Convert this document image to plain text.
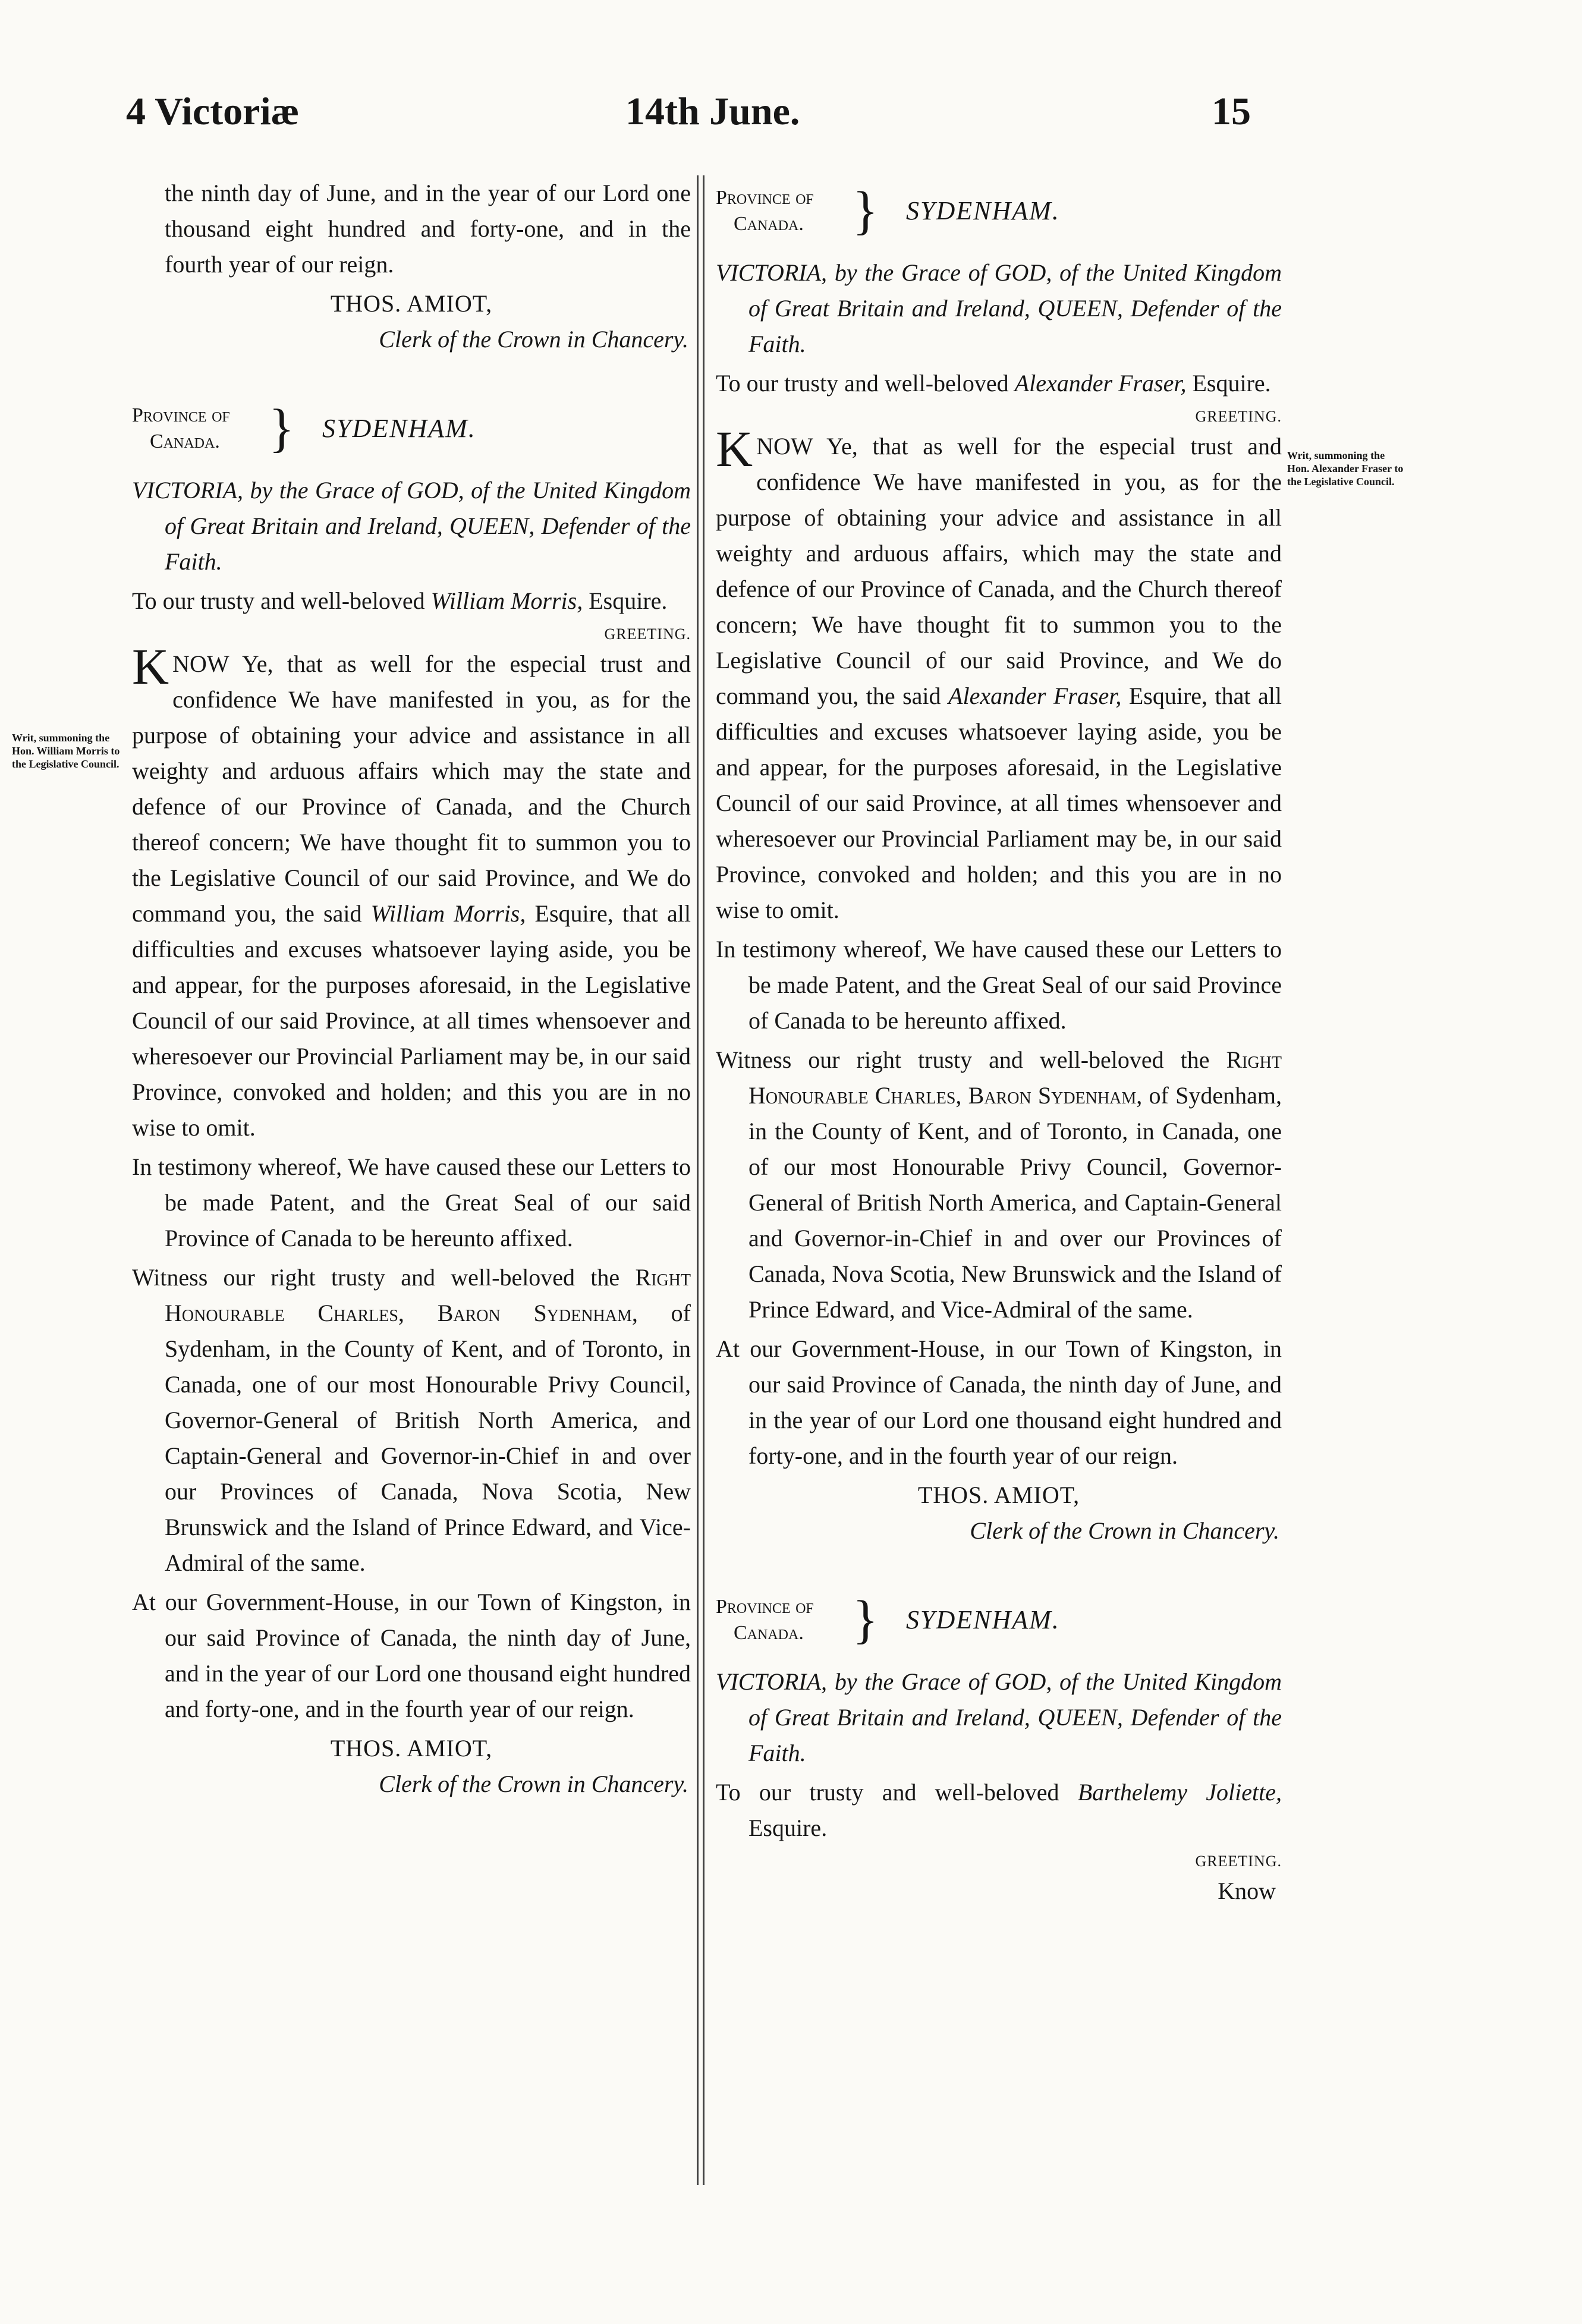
4 Victoriæ	14th June.	15
Writ, summoning the Hon. William Morris to the Legislative Council.
Writ, summoning the Hon. Alexander Fraser to the Legislative Council.
the ninth day of June, and in the year of our Lord one thousand eight hundred and forty-one, and in the fourth year of our reign.
THOS. AMIOT,
Clerk of the Crown in Chancery.
Province of
Canada. }	SYDENHAM.
VICTORIA, by the Grace of GOD, of the United Kingdom of Great Britain and Ireland, QUEEN, Defender of the Faith.
To our trusty and well-beloved William Morris, Esquire.
GREETING.
KNOW Ye, that as well for the especial trust and confidence We have manifested in you, as for the purpose of obtaining your advice and assistance in all weighty and arduous affairs which may the state and defence of our Province of Canada, and the Church thereof concern; We have thought fit to summon you to the Legislative Council of our said Province, and We do command you, the said William Morris, Esquire, that all difficulties and excuses whatsoever laying aside, you be and appear, for the purposes aforesaid, in the Legislative Council of our said Province, at all times whensoever and wheresoever our Provincial Parliament may be, in our said Province, convoked and holden; and this you are in no wise to omit.
In testimony whereof, We have caused these our Letters to be made Patent, and the Great Seal of our said Province of Canada to be hereunto affixed.
Witness our right trusty and well-beloved the Right Honourable Charles, Baron Sydenham, of Sydenham, in the County of Kent, and of Toronto, in Canada, one of our most Honourable Privy Council, Governor-General of British North America, and Captain-General and Governor-in-Chief in and over our Provinces of Canada, Nova Scotia, New Brunswick and the Island of Prince Edward, and Vice-Admiral of the same.
At our Government-House, in our Town of Kingston, in our said Province of Canada, the ninth day of June, and in the year of our Lord one thousand eight hundred and forty-one, and in the fourth year of our reign.
THOS. AMIOT,
Clerk of the Crown in Chancery.
Province of
Canada. }	SYDENHAM.
VICTORIA, by the Grace of GOD, of the United Kingdom of Great Britain and Ireland, QUEEN, Defender of the Faith.
To our trusty and well-beloved Alexander Fraser, Esquire.
GREETING.
KNOW Ye, that as well for the especial trust and confidence We have manifested in you, as for the purpose of obtaining your advice and assistance in all weighty and arduous affairs, which may the state and defence of our Province of Canada, and the Church thereof concern; We have thought fit to summon you to the Legislative Council of our said Province, and We do command you, the said Alexander Fraser, Esquire, that all difficulties and excuses whatsoever laying aside, you be and appear, for the purposes aforesaid, in the Legislative Council of our said Province, at all times whensoever and wheresoever our Provincial Parliament may be, in our said Province, convoked and holden; and this you are in no wise to omit.
In testimony whereof, We have caused these our Letters to be made Patent, and the Great Seal of our said Province of Canada to be hereunto affixed.
Witness our right trusty and well-beloved the Right Honourable Charles, Baron Sydenham, of Sydenham, in the County of Kent, and of Toronto, in Canada, one of our most Honourable Privy Council, Governor-General of British North America, and Captain-General and Governor-in-Chief in and over our Provinces of Canada, Nova Scotia, New Brunswick and the Island of Prince Edward, and Vice-Admiral of the same.
At our Government-House, in our Town of Kingston, in our said Province of Canada, the ninth day of June, and in the year of our Lord one thousand eight hundred and forty-one, and in the fourth year of our reign.
THOS. AMIOT,
Clerk of the Crown in Chancery.
Province of
Canada. }	SYDENHAM.
VICTORIA, by the Grace of GOD, of the United Kingdom of Great Britain and Ireland, QUEEN, Defender of the Faith.
To our trusty and well-beloved Barthelemy Joliette, Esquire.
GREETING.
Know
